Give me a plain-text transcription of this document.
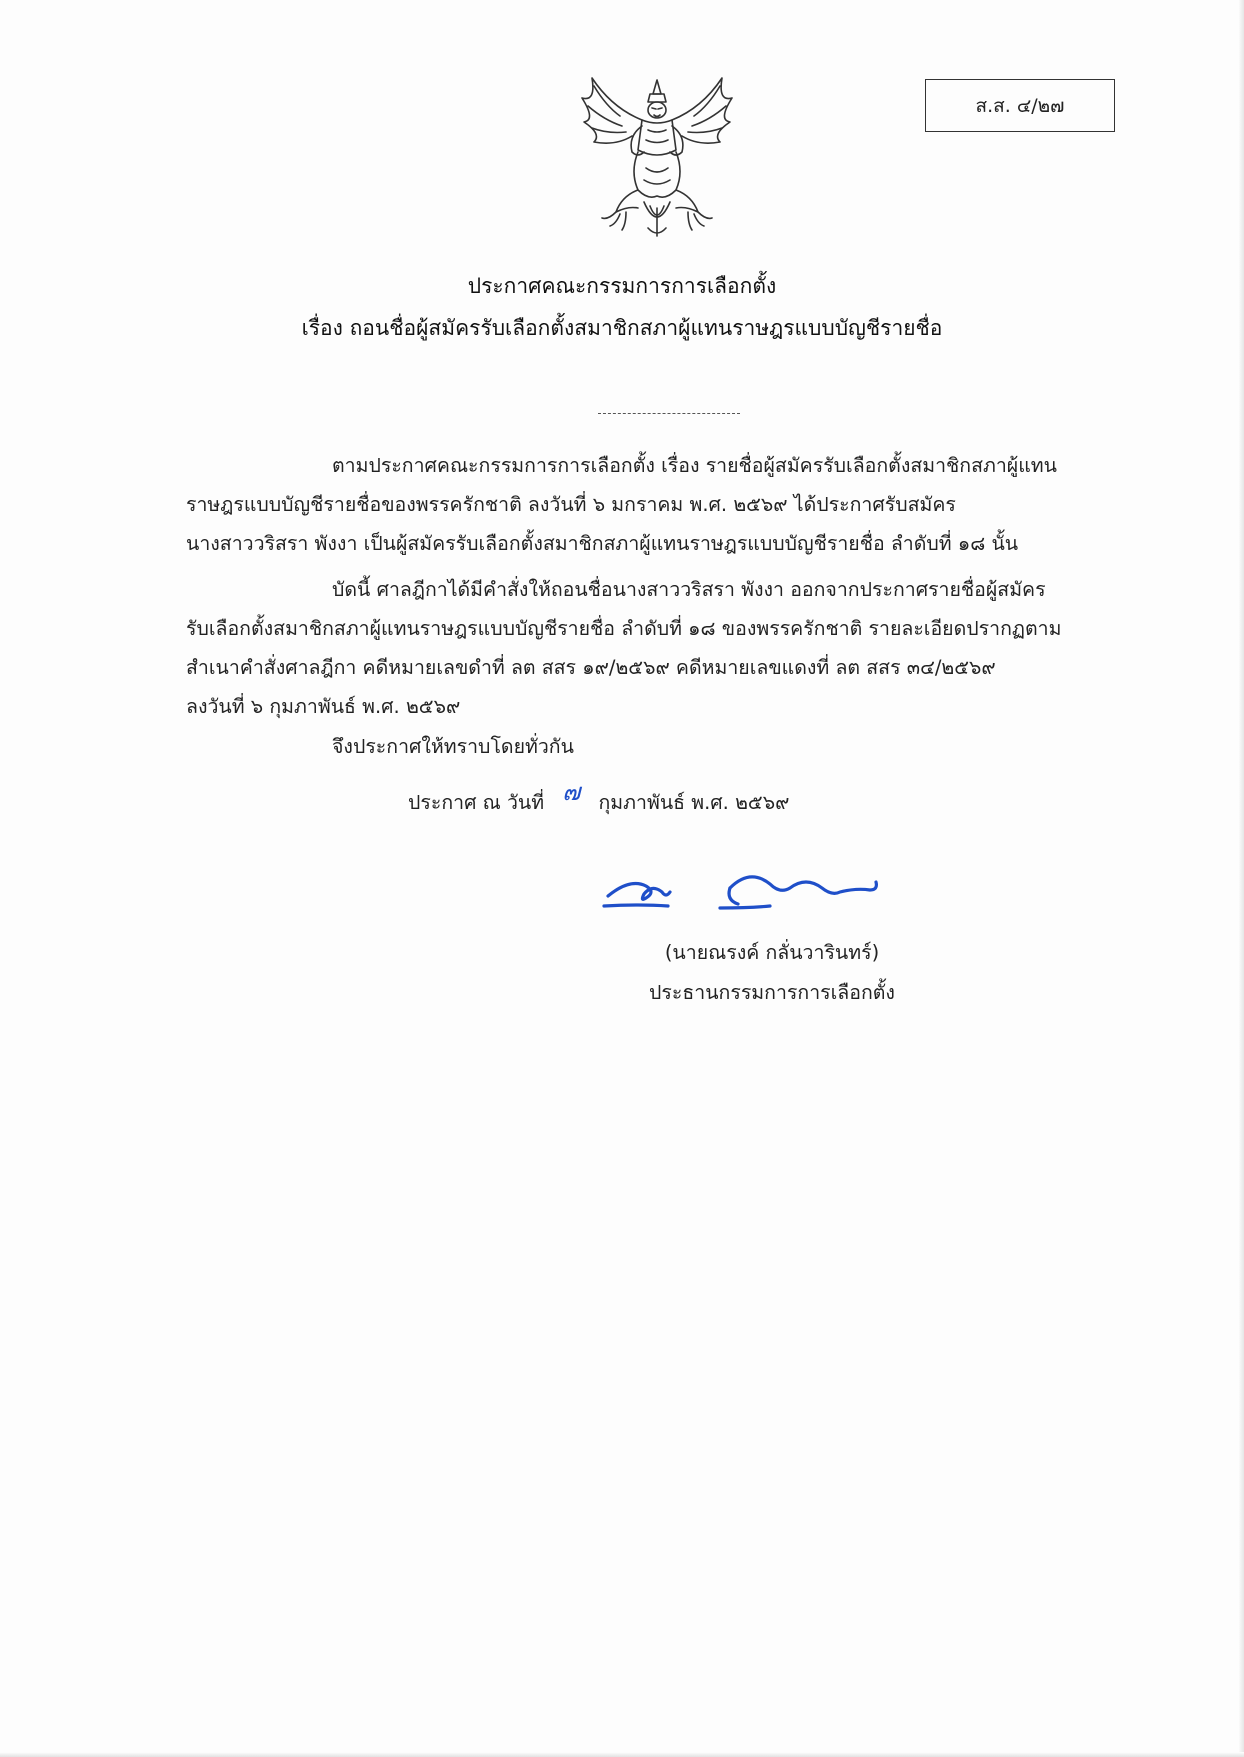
ส.ส. ๔/๒๗
ประกาศคณะกรรมการการเลือกตั้ง
เรื่อง ถอนชื่อผู้สมัครรับเลือกตั้งสมาชิกสภาผู้แทนราษฎรแบบบัญชีรายชื่อ
ตามประกาศคณะกรรมการการเลือกตั้ง เรื่อง รายชื่อผู้สมัครรับเลือกตั้งสมาชิกสภาผู้แทน
ราษฎรแบบบัญชีรายชื่อของพรรครักชาติ ลงวันที่ ๖ มกราคม พ.ศ. ๒๕๖๙ ได้ประกาศรับสมัคร
นางสาววริสรา พังงา เป็นผู้สมัครรับเลือกตั้งสมาชิกสภาผู้แทนราษฎรแบบบัญชีรายชื่อ ลำดับที่ ๑๘ นั้น
บัดนี้ ศาลฎีกาได้มีคำสั่งให้ถอนชื่อนางสาววริสรา พังงา ออกจากประกาศรายชื่อผู้สมัคร
รับเลือกตั้งสมาชิกสภาผู้แทนราษฎรแบบบัญชีรายชื่อ ลำดับที่ ๑๘ ของพรรครักชาติ รายละเอียดปรากฏตาม
สำเนาคำสั่งศาลฎีกา คดีหมายเลขดำที่ ลต สสร ๑๙/๒๕๖๙ คดีหมายเลขแดงที่ ลต สสร ๓๔/๒๕๖๙
ลงวันที่ ๖ กุมภาพันธ์ พ.ศ. ๒๕๖๙
จึงประกาศให้ทราบโดยทั่วกัน
ประกาศ ณ วันที่ ๗ กุมภาพันธ์ พ.ศ. ๒๕๖๙
(นายณรงค์ กลั่นวารินทร์)
ประธานกรรมการการเลือกตั้ง
